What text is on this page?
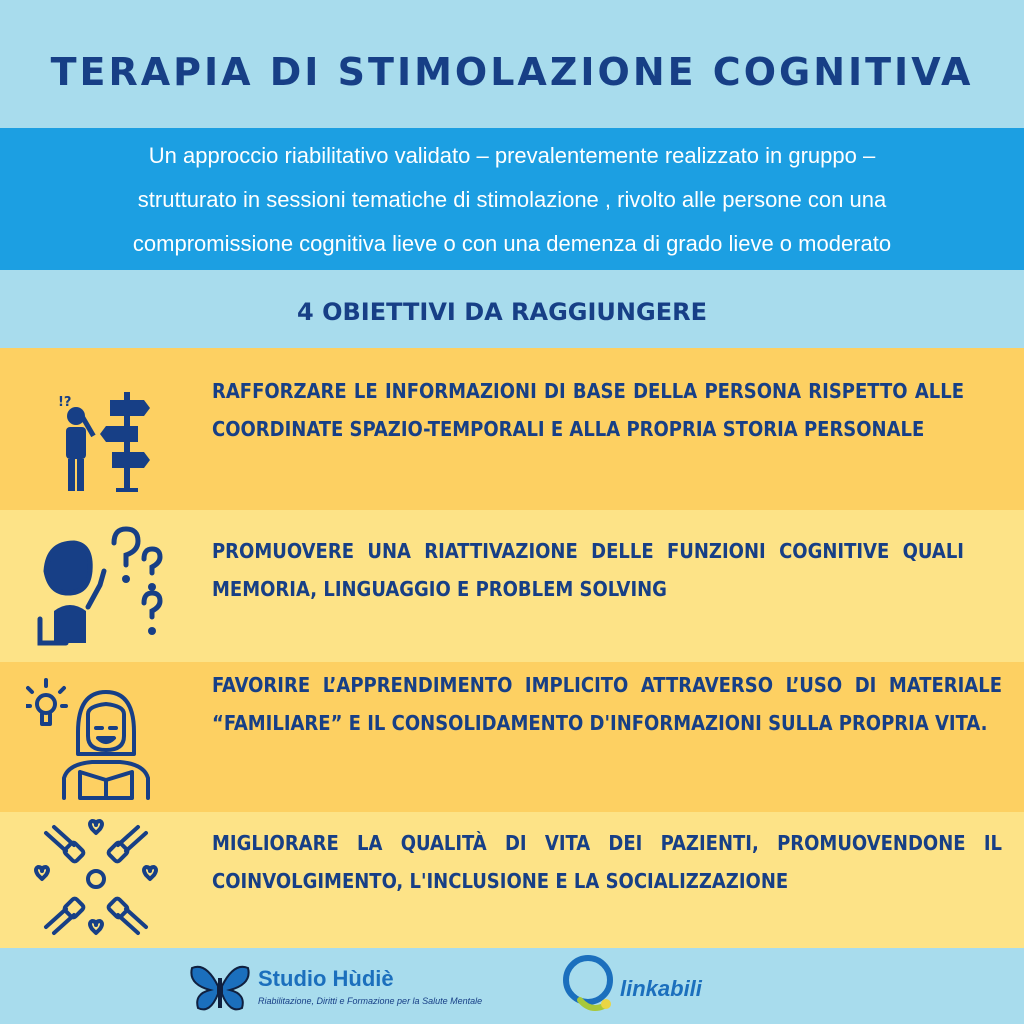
TERAPIA DI STIMOLAZIONE COGNITIVA
Un approccio riabilitativo validato – prevalentemente realizzato in gruppo –
strutturato in sessioni tematiche di stimolazione , rivolto alle persone con una
compromissione cognitiva lieve o con una demenza di grado lieve o moderato
4 OBIETTIVI DA RAGGIUNGERE
!?	RAFFORZARE LE INFORMAZIONI DI BASE DELLA PERSONA RISPETTO ALLE COORDINATE SPAZIO-TEMPORALI E ALLA PROPRIA STORIA PERSONALE
PROMUOVERE UNA RIATTIVAZIONE DELLE FUNZIONI COGNITIVE QUALI MEMORIA, LINGUAGGIO E PROBLEM SOLVING
FAVORIRE L’APPRENDIMENTO IMPLICITO ATTRAVERSO L’USO DI MATERIALE “FAMILIARE” E IL CONSOLIDAMENTO D'INFORMAZIONI SULLA PROPRIA VITA.
MIGLIORARE LA QUALITÀ DI VITA DEI PAZIENTI, PROMUOVENDONE IL COINVOLGIMENTO, L'INCLUSIONE E LA SOCIALIZZAZIONE
Studio Hùdiè
Riabilitazione, Diritti e Formazione per la Salute Mentale	linkabili
